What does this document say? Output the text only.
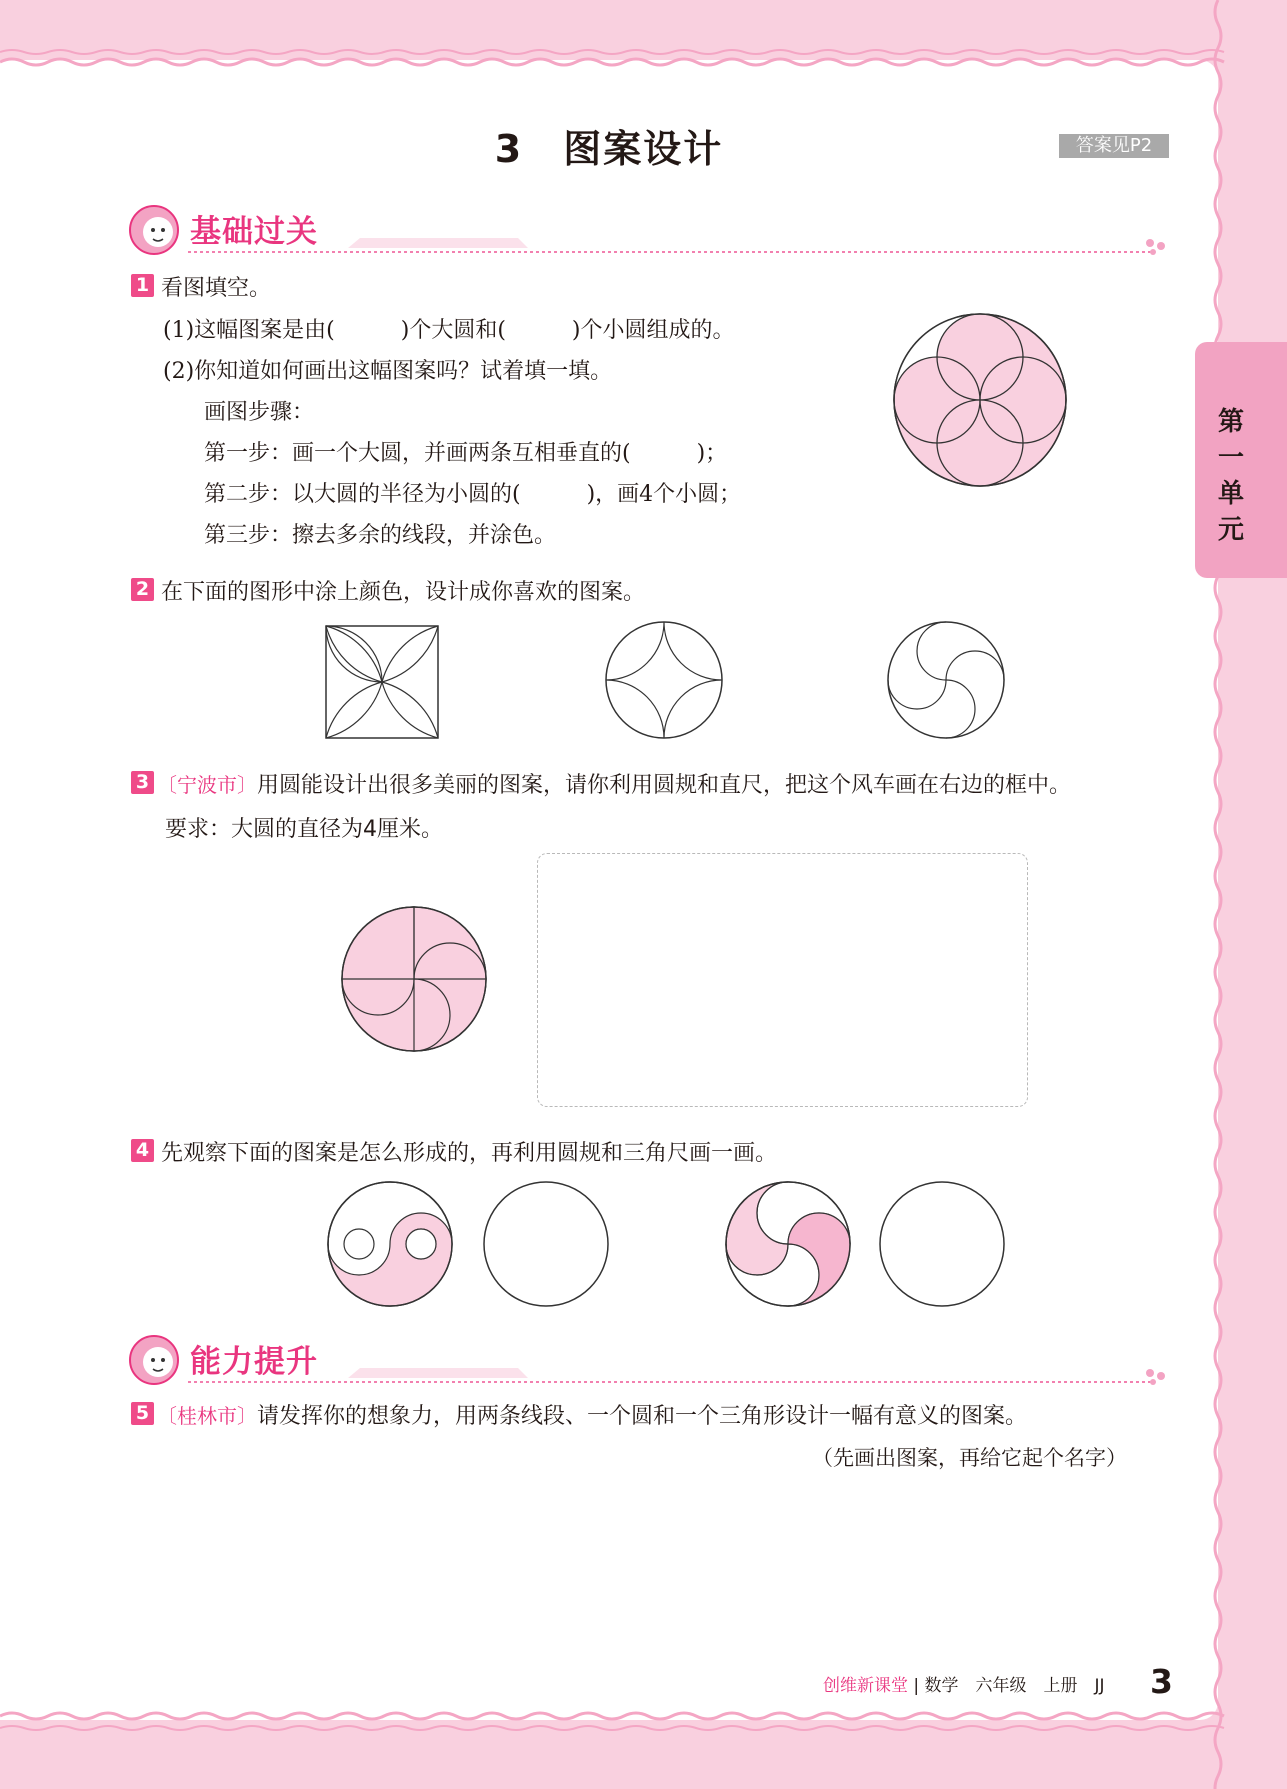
3　图案设计	答案见P2
第一单元
基础过关
1 看图填空。
(1)这幅图案是由(　　　)个大圆和(　　　)个小圆组成的。
(2)你知道如何画出这幅图案吗？试着填一填。
画图步骤：
第一步：画一个大圆，并画两条互相垂直的(　　　)；
第二步：以大圆的半径为小圆的(　　　)，画4个小圆；
第三步：擦去多余的线段，并涂色。
2 在下面的图形中涂上颜色，设计成你喜欢的图案。
3 〔宁波市〕用圆能设计出很多美丽的图案，请你利用圆规和直尺，把这个风车画在右边的框中。
要求：大圆的直径为4厘米。
4 先观察下面的图案是怎么形成的，再利用圆规和三角尺画一画。
能力提升
5 〔桂林市〕请发挥你的想象力，用两条线段、一个圆和一个三角形设计一幅有意义的图案。
（先画出图案，再给它起个名字）
创维新课堂 | 数学　六年级　上册　JJ 3
